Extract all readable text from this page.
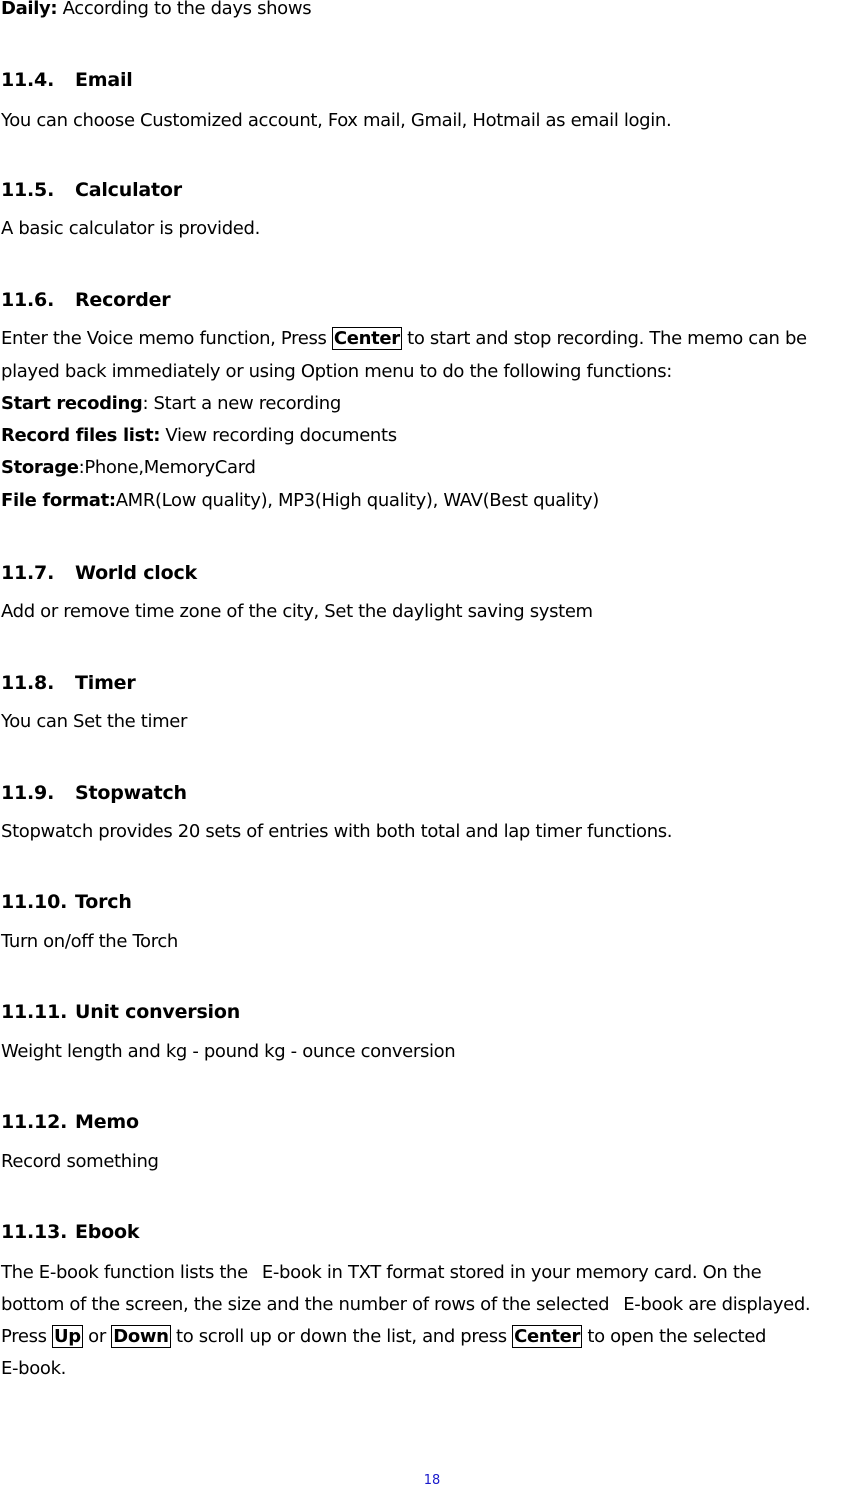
Daily: According to the days shows
11.4. Email
You can choose Customized account, Fox mail, Gmail, Hotmail as email login.
11.5. Calculator
A basic calculator is provided.
11.6. Recorder
Enter the Voice memo function, Press Center to start and stop recording. The memo can be
played back immediately or using Option menu to do the following functions:
Start recoding: Start a new recording
Record files list: View recording documents
Storage:Phone,MemoryCard
File format:AMR(Low quality), MP3(High quality), WAV(Best quality)
11.7. World clock
Add or remove time zone of the city, Set the daylight saving system
11.8. Timer
You can Set the timer
11.9. Stopwatch
Stopwatch provides 20 sets of entries with both total and lap timer functions.
11.10. Torch
Turn on/off the Torch
11.11. Unit conversion
Weight length and kg - pound kg - ounce conversion
11.12. Memo
Record something
11.13. Ebook
The E-book function lists the E-book in TXT format stored in your memory card. On the
bottom of the screen, the size and the number of rows of the selected E-book are displayed.
Press Up or Down to scroll up or down the list, and press Center to open the selected
E-book.
18
